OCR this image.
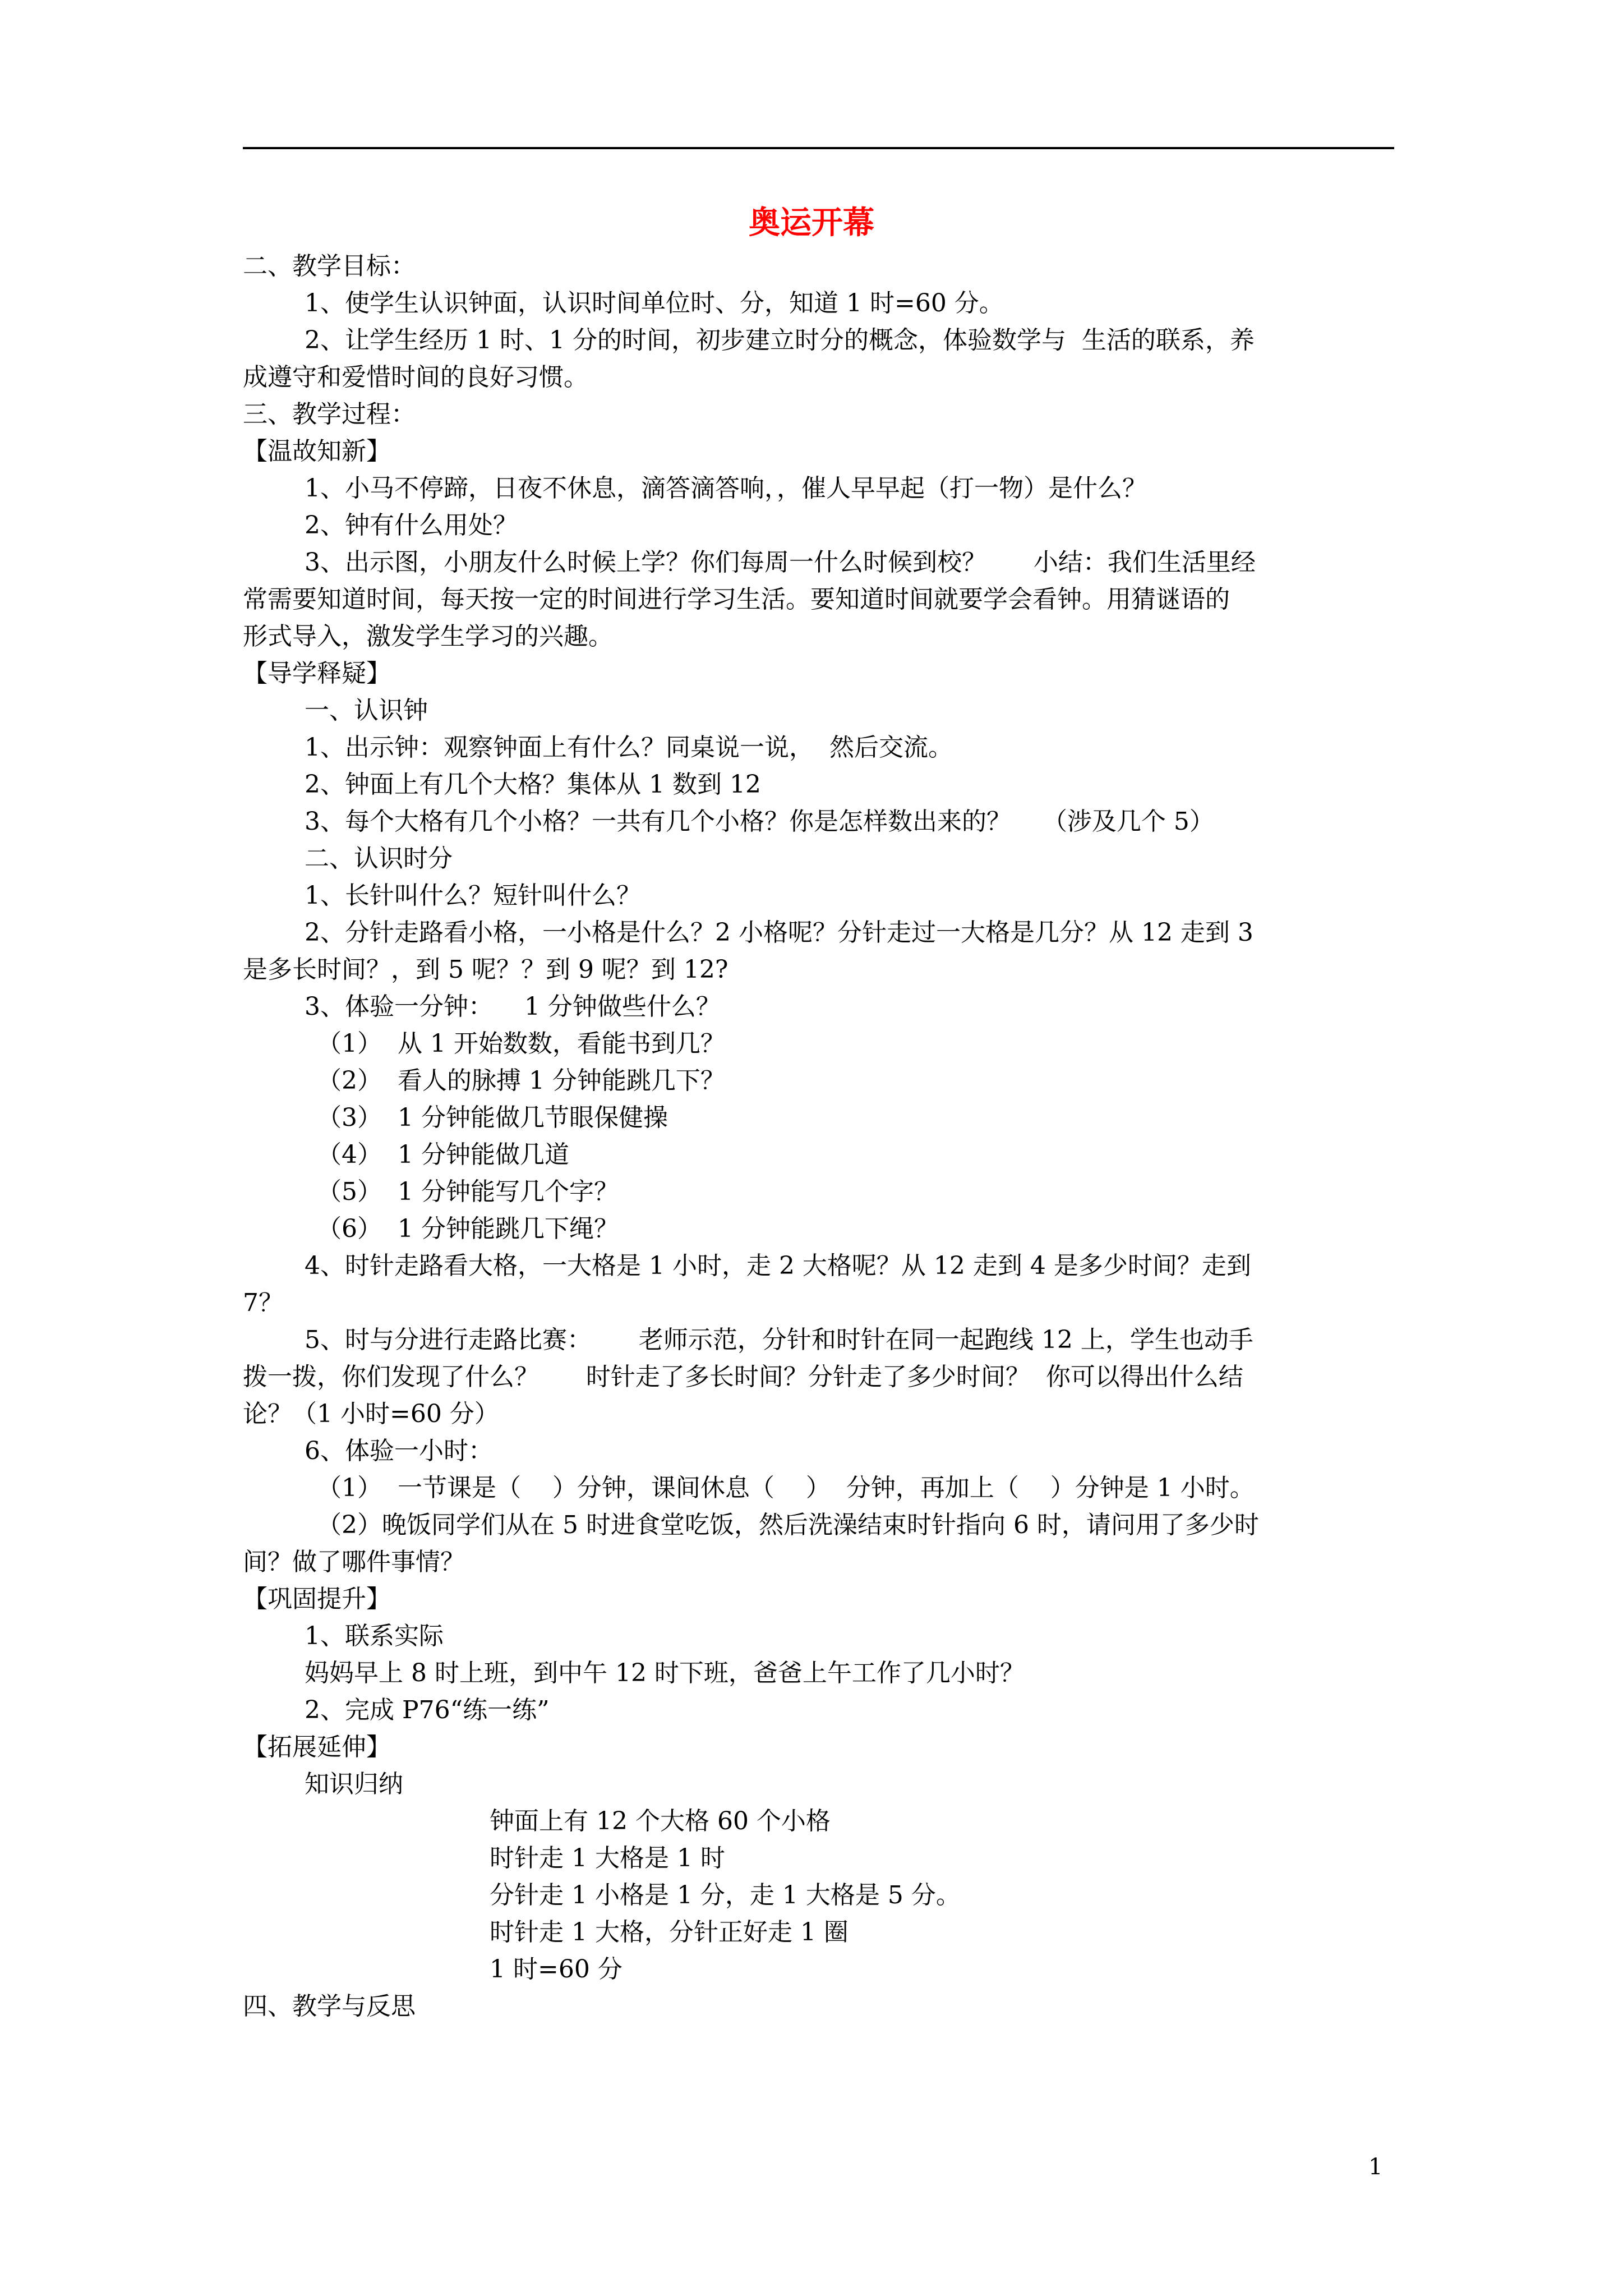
奥运开幕

二、教学目标：

1、使学生认识钟面，认识时间单位时、分，知道 1 时=60 分。

2、让学生经历 1 时、1 分的时间，初步建立时分的概念，体验数学与  生活的联系，养

成遵守和爱惜时间的良好习惯。

三、教学过程：

【温故知新】

1、小马不停蹄，日夜不休息，滴答滴答响，，催人早早起（打一物）是什么？

2、钟有什么用处？

3、出示图，小朋友什么时候上学？你们每周一什么时候到校？      小结：我们生活里经

常需要知道时间，每天按一定的时间进行学习生活。要知道时间就要学会看钟。用猜谜语的

形式导入，激发学生学习的兴趣。

【导学释疑】

一、认识钟

1、出示钟：观察钟面上有什么？同桌说一说，  然后交流。

2、钟面上有几个大格？集体从 1 数到 12

3、每个大格有几个小格？一共有几个小格？你是怎样数出来的？    （涉及几个 5）

二、认识时分

1、长针叫什么？短针叫什么？

2、分针走路看小格，一小格是什么？2 小格呢？分针走过一大格是几分？从 12 走到 3

是多长时间？，到 5 呢？？到 9 呢？到 12?

3、体验一分钟：    1 分钟做些什么？

（1）  从 1 开始数数，看能书到几？

（2）  看人的脉搏 1 分钟能跳几下？

（3）  1 分钟能做几节眼保健操

（4）  1 分钟能做几道

（5）  1 分钟能写几个字？

（6）  1 分钟能跳几下绳？

4、时针走路看大格，一大格是 1 小时，走 2 大格呢？从 12 走到 4 是多少时间？走到

7？

5、时与分进行走路比赛：      老师示范，分针和时针在同一起跑线 12 上，学生也动手

拨一拨，你们发现了什么？      时针走了多长时间？分针走了多少时间？  你可以得出什么结

论？（1 小时=60 分）

6、体验一小时：

（1）  一节课是（    ）分钟，课间休息（    ）  分钟，再加上（    ）分钟是 1 小时。

（2）晚饭同学们从在 5 时进食堂吃饭，然后洗澡结束时针指向 6 时，请问用了多少时

间？做了哪件事情？

【巩固提升】

1、联系实际

妈妈早上 8 时上班，到中午 12 时下班，爸爸上午工作了几小时？

2、完成 P76“练一练”

【拓展延伸】

知识归纳

钟面上有 12 个大格 60 个小格

时针走 1 大格是 1 时

分针走 1 小格是 1 分，走 1 大格是 5 分。

时针走 1 大格，分针正好走 1 圈

1 时=60 分

四、教学与反思

1
